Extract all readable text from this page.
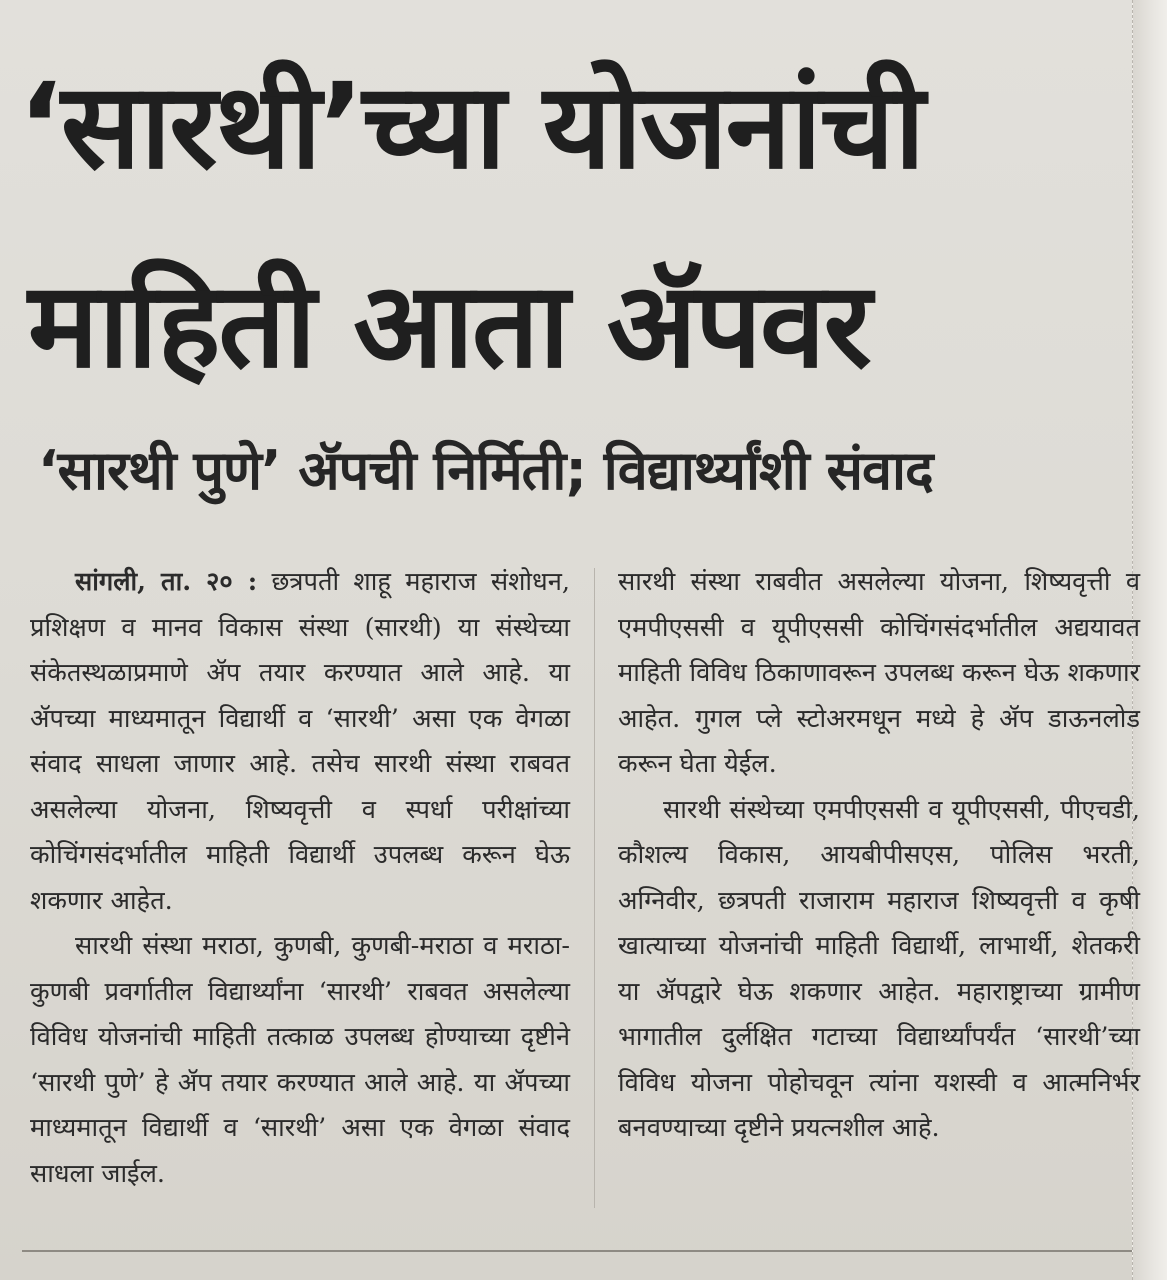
‘सारथी’च्या योजनांची
माहिती आता ॲपवर
‘सारथी पुणे’ ॲपची निर्मिती; विद्यार्थ्यांशी संवाद

सांगली, ता. २० : छत्रपती शाहू महाराज संशोधन, प्रशिक्षण व मानव विकास संस्था (सारथी) या संस्थेच्या संकेतस्थळाप्रमाणे ॲप तयार करण्यात आले आहे. या ॲपच्या माध्यमातून विद्यार्थी व ‘सारथी’ असा एक वेगळा संवाद साधला जाणार आहे. तसेच सारथी संस्था राबवत असलेल्या योजना, शिष्यवृत्ती व स्पर्धा परीक्षांच्या कोचिंगसंदर्भातील माहिती विद्यार्थी उपलब्ध करून घेऊ शकणार आहेत.

सारथी संस्था मराठा, कुणबी, कुणबी-मराठा व मराठा-कुणबी प्रवर्गातील विद्यार्थ्यांना ‘सारथी’ राबवत असलेल्या विविध योजनांची माहिती तत्काळ उपलब्ध होण्याच्या दृष्टीने ‘सारथी पुणे’ हे ॲप तयार करण्यात आले आहे. या ॲपच्या माध्यमातून विद्यार्थी व ‘सारथी’ असा एक वेगळा संवाद साधला जाईल.

सारथी संस्था राबवीत असलेल्या योजना, शिष्यवृत्ती व एमपीएससी व यूपीएससी कोचिंगसंदर्भातील अद्ययावत माहिती विविध ठिकाणावरून उपलब्ध करून घेऊ शकणार आहेत. गुगल प्ले स्टोअरमधून मध्ये हे ॲप डाऊनलोड करून घेता येईल.

सारथी संस्थेच्या एमपीएससी व यूपीएससी, पीएचडी, कौशल्य विकास, आयबीपीसएस, पोलिस भरती, अग्निवीर, छत्रपती राजाराम महाराज शिष्यवृत्ती व कृषी खात्याच्या योजनांची माहिती विद्यार्थी, लाभार्थी, शेतकरी या ॲपद्वारे घेऊ शकणार आहेत. महाराष्ट्राच्या ग्रामीण भागातील दुर्लक्षित गटाच्या विद्यार्थ्यांपर्यंत ‘सारथी’च्या विविध योजना पोहोचवून त्यांना यशस्वी व आत्मनिर्भर बनवण्याच्या दृष्टीने प्रयत्नशील आहे.
